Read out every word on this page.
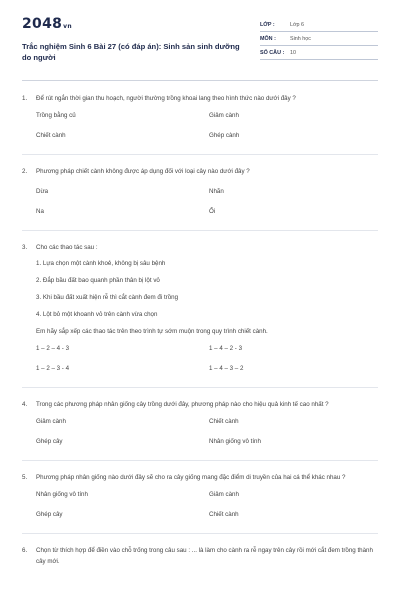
2048vn
Trắc nghiệm Sinh 6 Bài 27 (có đáp án): Sinh sản sinh dưỡng do người
LỚP :	Lớp 6
MÔN :	Sinh học
SỐ CÂU :	10
1.	Để rút ngắn thời gian thu hoạch, người thường trồng khoai lang theo hình thức nào dưới đây ?
Trồng bằng củ	Giâm cành
Chiết cành	Ghép cành
2.	Phương pháp chiết cành không được áp dụng đối với loại cây nào dưới đây ?
Dừa	Nhãn
Na	Ổi
3.	Cho các thao tác sau :
1. Lựa chọn một cành khoẻ, không bị sâu bệnh
2. Đắp bầu đất bao quanh phần thân bị lột vỏ
3. Khi bầu đất xuất hiện rễ thì cắt cành đem đi trồng
4. Lột bỏ một khoanh vỏ trên cành vừa chọn
Em hãy sắp xếp các thao tác trên theo trình tự sớm muộn trong quy trình chiết cành.
1 – 2 – 4 - 3	1 – 4 – 2 - 3
1 – 2 – 3 - 4	1 – 4 – 3 – 2
4.	Trong các phương pháp nhân giống cây trồng dưới đây, phương pháp nào cho hiệu quả kinh tế cao nhất ?
Giâm cành	Chiết cành
Ghép cây	Nhân giống vô tính
5.	Phương pháp nhân giống nào dưới đây sẽ cho ra cây giống mang đặc điểm di truyền của hai cá thể khác nhau ?
Nhân giống vô tính	Giâm cành
Ghép cây	Chiết cành
6.	Chọn từ thích hợp để điền vào chỗ trống trong câu sau : ... là làm cho cành ra rễ ngay trên cây rồi mới cắt đem trồng thành cây mới.
